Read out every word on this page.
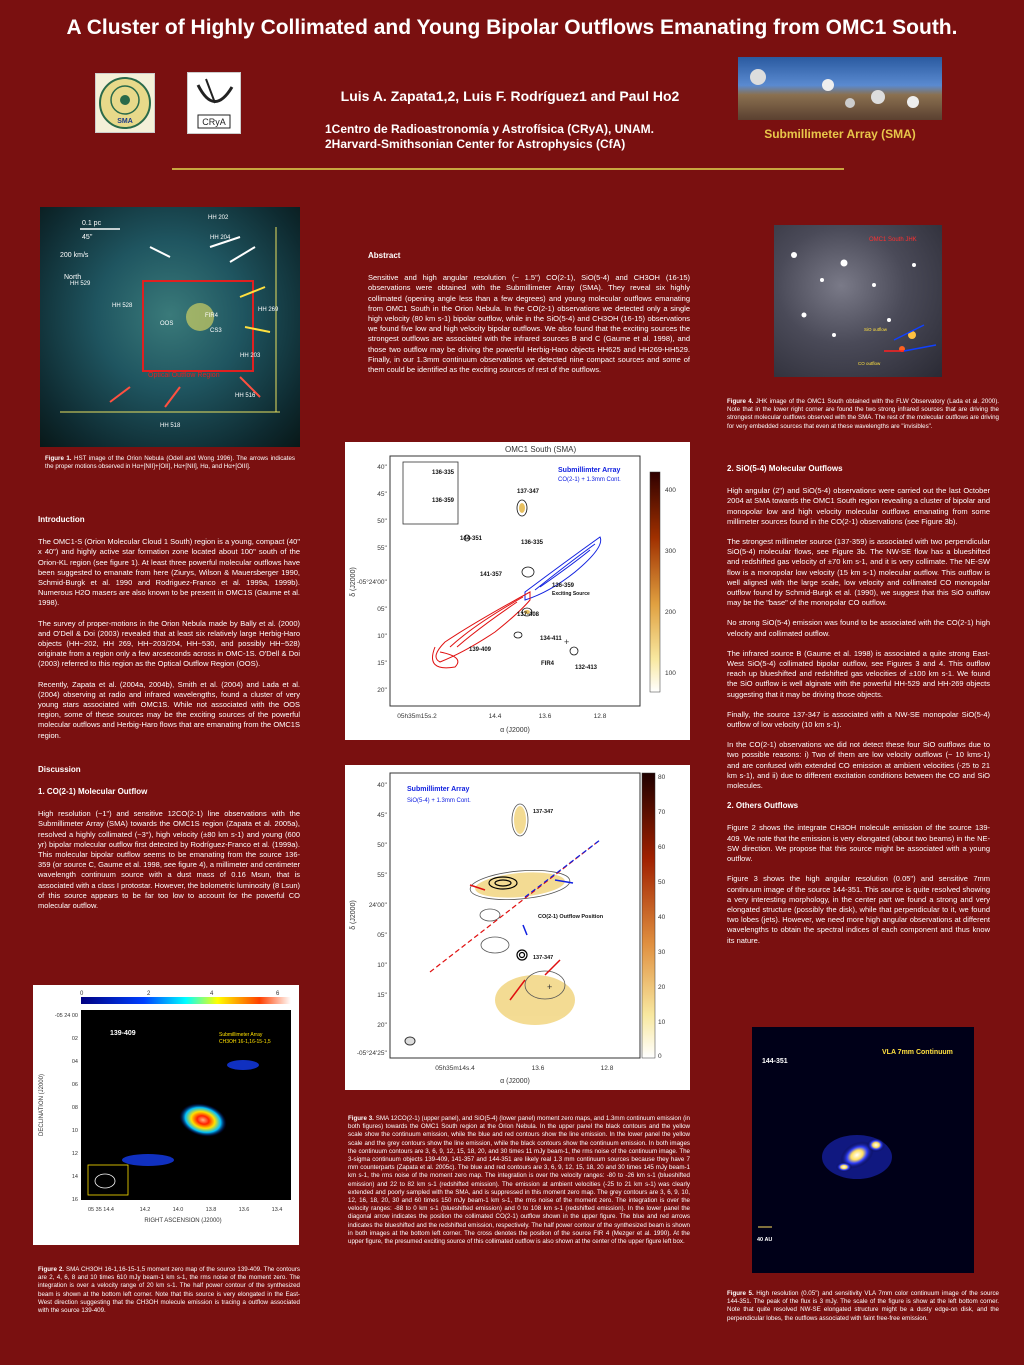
A Cluster of Highly Collimated and Young Bipolar Outflows Emanating from OMC1 South.
SMA	CRyA
Luis A. Zapata1,2, Luis F. Rodríguez1 and Paul Ho2
1Centro de Radioastronomía y Astrofísica (CRyA), UNAM.
2Harvard-Smithsonian Center for Astrophysics (CfA)
Submillimeter Array (SMA)
0.1 pc
45''
200 km/s
North
HH 529
HH 528
HH 269
HH 203
HH 202
HH 204
HH 518
HH 516
OOS
Optical Outflow Region
CS3
FIR4
Figure 1. HST image of the Orion Nebula (Odell and Wong 1996). The arrows indicates the proper motions observed in Hα+[NII]+[OII], Hα+[NII], Hα, and Hα+[OIII].
Introduction

The OMC1-S (Orion Molecular Cloud 1 South) region is a young, compact (40" x 40") and highly active star formation zone located about 100" south of the Orion-KL region (see figure 1). At least three powerful molecular outflows have been suggested to emanate from here (Ziurys, Wilson & Mauersberger 1990, Schmid-Burgk et al. 1990 and Rodriguez-Franco et al. 1999a, 1999b). Numerous H2O masers are also known to be present in OMC1S (Gaume et al. 1998).

The survey of proper-motions in the Orion Nebula made by Bally et al. (2000) and O'Dell & Doi (2003) revealed that at least six relatively large Herbig-Haro objects (HH~202, HH 269, HH~203/204, HH~530, and possibly HH~528) originate from a region only a few arcseconds across in OMC-1S. O'Dell & Doi (2003) referred to this region as the Optical Outflow Region (OOS).

Recently, Zapata et al. (2004a, 2004b), Smith et al. (2004) and Lada et al. (2004) observing at radio and infrared wavelengths, found a cluster of very young stars associated with OMC1S. While not associated with the OOS region, some of these sources may be the exciting sources of the powerful molecular outflows and Herbig-Haro flows that are emanating from the OMC1S region.

Discussion
1. CO(2-1) Molecular Outflow

High resolution (~1") and sensitive 12CO(2-1) line observations with the Submillimeter Array (SMA) towards the OMC1S region (Zapata et al. 2005a), resolved a highly collimated (~3°), high velocity (±80 km s-1) and young (600 yr) bipolar molecular outflow first detected by Rodríguez-Franco et al. (1999a). This molecular bipolar outflow seems to be emanating from the source 136-359 (or source C, Gaume et al. 1998, see figure 4), a millimeter and centimeter wavelength continuum source with a dust mass of 0.16 Msun, that is associated with a class I protostar. However, the bolometric luminosity (8 Lsun) of this source appears to be far too low to account for the powerful CO molecular outflow.

139-409	Submillimeter Array
CH3OH 16-1,16-15-1,5
0	2	4	6
-05 24 00
02
04
06
08
10
12
14
16
05 35 14.4	14.2	14.0	13.8	13.6	13.4
RIGHT ASCENSION (J2000)
DECLINATION (J2000)
Figure 2. SMA CH3OH 16-1,16-15-1,5 moment zero map of the source 139-409. The contours are 2, 4, 6, 8 and 10 times 610 mJy beam-1 km s-1, the rms noise of the moment zero. The integration is over a velocity range of 20 km s-1. The half power contour of the synthesized beam is shown at the bottom left corner. Note that this source is very elongated in the East-West direction suggesting that the CH3OH molecule emission is tracing a outflow associated with the source 139-409.
Abstract

Sensitive and high angular resolution (~ 1.5") CO(2-1), SiO(5-4) and CH3OH (16-15) observations were obtained with the Submillimeter Array (SMA). They reveal six highly collimated (opening angle less than a few degrees) and young molecular outflows emanating from OMC1 South in the Orion Nebula. In the CO(2-1) observations we detected only a single high velocity (80 km s-1) bipolar outflow, while in the SiO(5-4) and CH3OH (16-15) observations we found five low and high velocity bipolar outflows. We also found that the exciting sources the strongest outflows are associated with the infrared sources B and C (Gaume et al. 1998), and those two outflow may be driving the powerful Herbig-Haro objects HH625 and HH269-HH529. Finally, in our 1.3mm continuum observations we detected nine compact sources and some of them could be identified as the exciting sources of rest of the outflows.

OMC1 South (SMA)
+
136-335
136-359
137-347
144-351
136-335
141-357
136-359
Exciting Source
137-408
134-411
139-409
FIR4
132-413
Submillimter Array
CO(2-1) + 1.3mm Cont.
40''
45''
50''
55''
-05°24'00''
05''
10''
15''
20''
05h35m15s.2	14.4	13.6	12.8
α (J2000)
δ (J2000)
400
300
200
100
+
Submillimter Array
SiO(5-4) + 1.3mm Cont.
137-347
CO(2-1) Outflow Position
137-347
40''
45''
50''
55''
24'00''
05''
10''
15''
20''
-05°24'25''
05h35m14s.4	13.6	12.8
α (J2000)
δ (J2000)
80
70
60
50
40
30
20
10
0
Figure 3. SMA 12CO(2-1) (upper panel), and SiO(5-4) (lower panel) moment zero maps, and 1.3mm continuum emission (in both figures) towards the OMC1 South region at the Orion Nebula. In the upper panel the black contours and the yellow scale show the continuum emission, while the blue and red contours show the line emission. In the lower panel the yellow scale and the grey contours show the line emission, while the black contours show the continuum emission. In both images the continuum contours are 3, 6, 9, 12, 15, 18, 20, and 30 times 11 mJy beam-1, the rms noise of the continuum image. The 3-sigma continuum objects 139-409, 141-357 and 144-351 are likely real 1.3 mm continuum sources because they have 7 mm counterparts (Zapata et al. 2005c). The blue and red contours are 3, 6, 9, 12, 15, 18, 20 and 30 times 145 mJy beam-1 km s-1, the rms noise of the moment zero map. The integration is over the velocity ranges: -80 to -26 km s-1 (blueshifted emission) and 22 to 82 km s-1 (redshifted emission). The emission at ambient velocities (-25 to 21 km s-1) was clearly extended and poorly sampled with the SMA, and is suppressed in this moment zero map. The grey contours are 3, 6, 9, 10, 12, 16, 18, 20, 30 and 60 times 150 mJy beam-1 km s-1, the rms noise of the moment zero. The integration is over the velocity ranges: -88 to 0 km s-1 (blueshifted emission) and 0 to 108 km s-1 (redshifted emission). In the lower panel the diagonal arrow indicates the position the collimated CO(2-1) outflow shown in the upper figure. The blue and red arrows indicates the blueshifted and the redshifted emission, respectively. The half power contour of the synthesized beam is shown in both images at the bottom left corner. The cross denotes the position of the source FIR 4 (Mezger et al. 1990). At the upper figure, the presumed exciting source of this collimated outflow is also shown at the center of the upper figure left box.
OMC1 South JHK
SiO outflow
CO outflow
Figure 4. JHK image of the OMC1 South obtained with the FLW Observatory (Lada et al. 2000). Note that in the lower right corner are found the two strong infrared sources that are driving the strongest molecular outflows observed with the SMA. The rest of the molecular outflows are driving for very embedded sources that even at these wavelengths are "invisibles".
2. SiO(5-4) Molecular Outflows

High angular (2") and SiO(5-4) observations were carried out the last October 2004 at SMA towards the OMC1 South region revealing a cluster of bipolar and monopolar low and high velocity molecular outflows emanating from some millimeter sources found in the CO(2-1) observations (see Figure 3b).

The strongest millimeter source (137-359) is associated with two perpendicular SiO(5-4) molecular flows, see Figure 3b. The NW-SE flow has a blueshifted and redshifted gas velocity of ±70 km s-1, and it is very collimate. The NE-SW flow is a monopolar low velocity (15 km s-1) molecular outflow. This outflow is well aligned with the large scale, low velocity and collimated CO monopolar outflow found by Schmid-Burgk et al. (1990), we suggest that this SiO outflow may be the "base" of the monopolar CO outflow.

No strong SiO(5-4) emission was found to be associated with the CO(2-1) high velocity and collimated outflow.

The infrared source B (Gaume et al. 1998) is associated a quite strong East-West SiO(5-4) collimated bipolar outflow, see Figures 3 and 4. This outflow reach up blueshifted and redshifted gas velocities of ±100 km s-1. We found the SiO outflow is well alginate with the powerful HH-529 and HH-269 objects suggesting that it may be driving those objects.

Finally, the source 137-347 is associated with a NW-SE monopolar SiO(5-4) outflow of low velocity (10 km s-1).

In the CO(2-1) observations we did not detect these four SiO outflows due to two possible reasons: i) Two of them are low velocity outflows (~ 10 kms-1) and are confused with extended CO emission at ambient velocities (-25 to 21 km s-1), and ii) due to different excitation conditions between the CO and SiO molecules.

2. Others Outflows

Figure 2 shows the integrate CH3OH molecule emission of the source 139-409. We note that the emission is very elongated (about two beams) in the NE-SW direction. We propose that this source might be associated with a young outflow.

Figure 3 shows the high angular resolution (0.05") and sensitive 7mm continuum image of the source 144-351. This source is quite resolved showing a very interesting morphology, in the center part we found a strong and very elongated structure (possibly the disk), while that perpendicular to it, we found two lobes (jets). However, we need more high angular observations at different wavelengths to obtain the spectral indices of each component and thus know its nature.

144-351
VLA 7mm Continuum
40 AU
Figure 5. High resolution (0.05") and sensitivity VLA 7mm color continuum image of the source 144-351. The peak of the flux is 3 mJy. The scale of the figure is show at the left bottom corner. Note that quite resolved NW-SE elongated structure might be a dusty edge-on disk, and the perpendicular lobes, the outflows associated with faint free-free emission.
